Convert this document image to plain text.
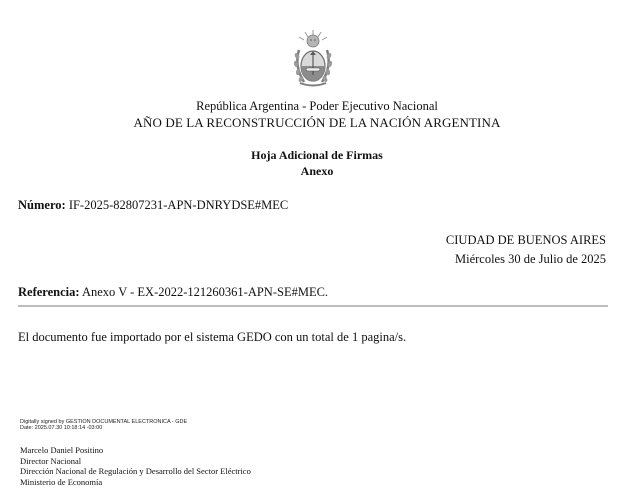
República Argentina - Poder Ejecutivo Nacional
AÑO DE LA RECONSTRUCCIÓN DE LA NACIÓN ARGENTINA
Hoja Adicional de Firmas
Anexo
Número: IF-2025-82807231-APN-DNRYDSE#MEC
CIUDAD DE BUENOS AIRES
Miércoles 30 de Julio de 2025
Referencia: Anexo V - EX-2022-121260361-APN-SE#MEC.
El documento fue importado por el sistema GEDO con un total de 1 pagina/s.
Digitally signed by GESTION DOCUMENTAL ELECTRONICA - GDE
Date: 2025.07.30 10:18:14 -03:00
Marcelo Daniel Positino
Director Nacional
Dirección Nacional de Regulación y Desarrollo del Sector Eléctrico
Ministerio de Economía
